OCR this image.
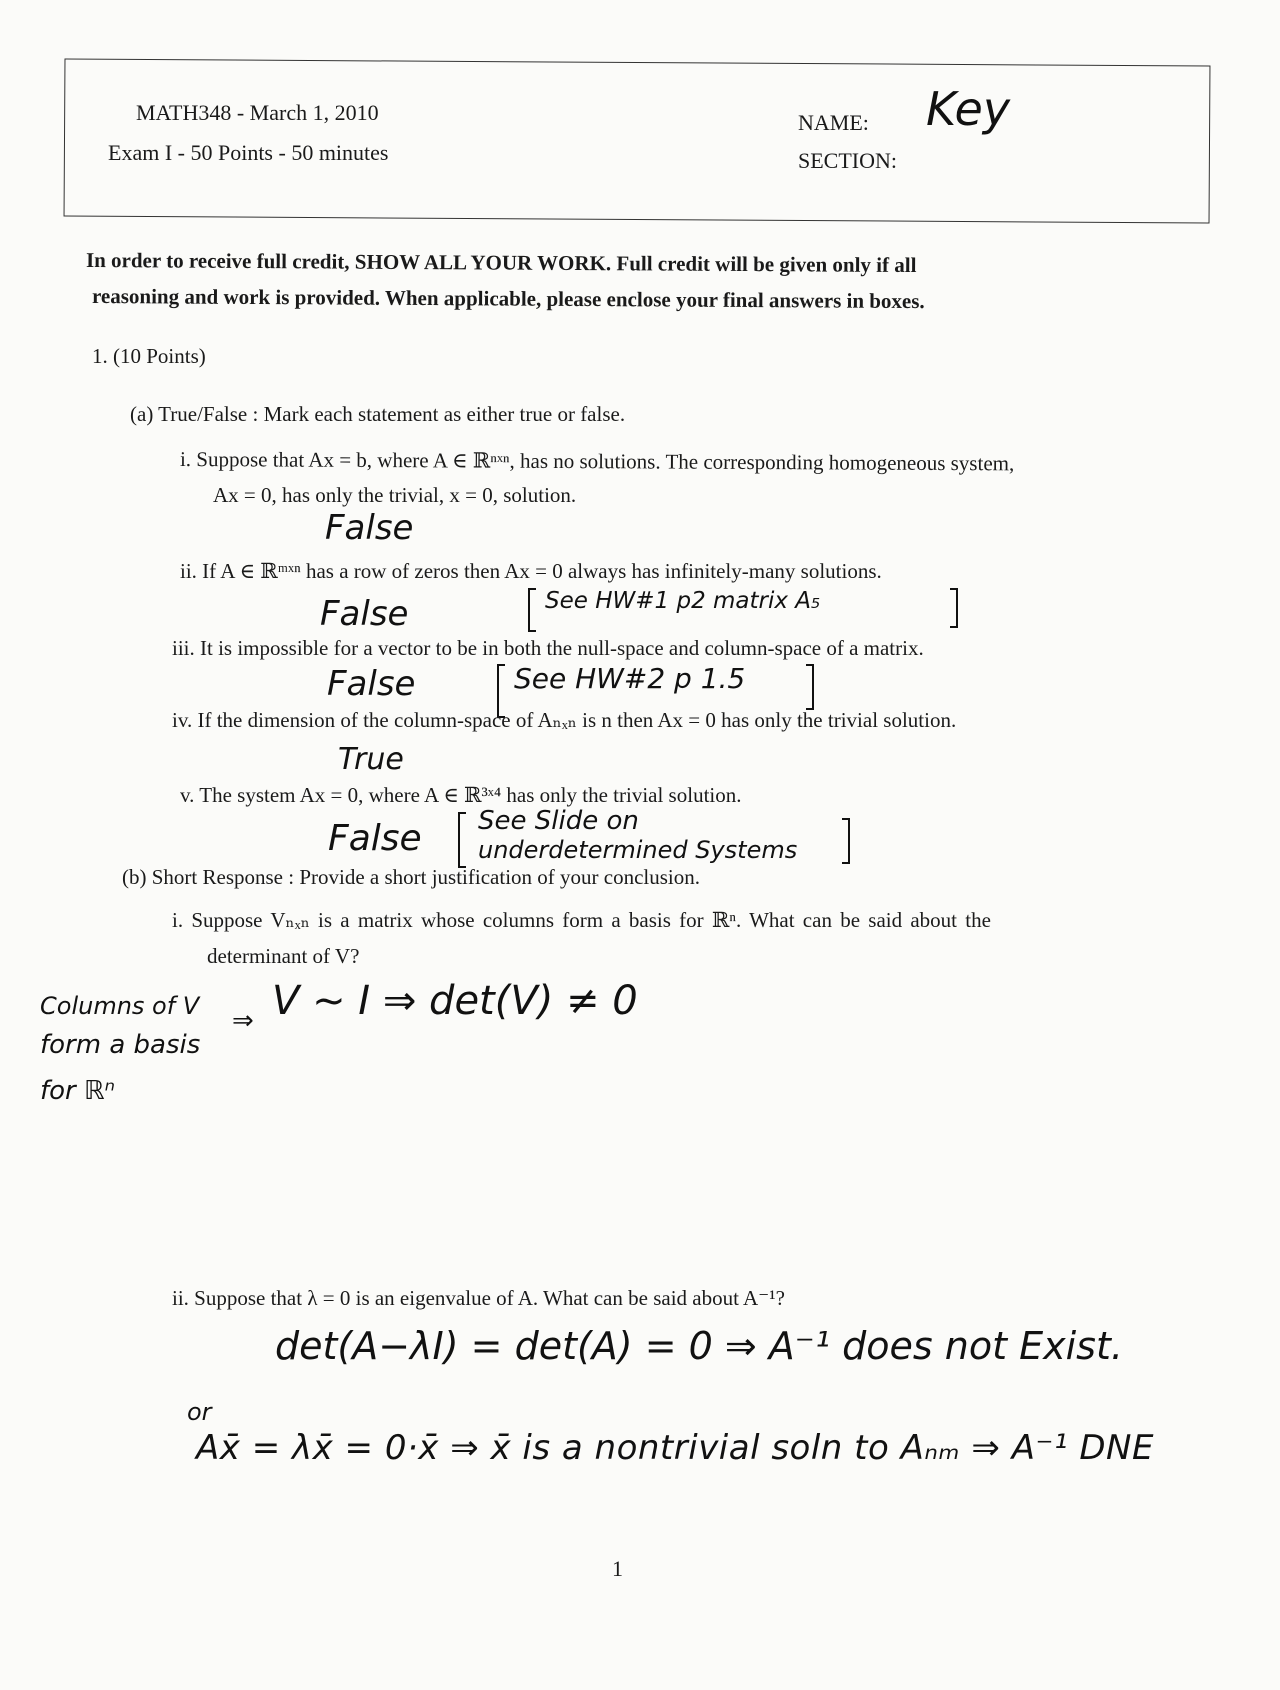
MATH348 - March 1, 2010
Exam I - 50 Points - 50 minutes
NAME:
SECTION:
Key
In order to receive full credit, SHOW ALL YOUR WORK. Full credit will be given only if all
reasoning and work is provided. When applicable, please enclose your final answers in boxes.
1. (10 Points)
(a) True/False : Mark each statement as either true or false.
i. Suppose that Ax = b, where A ∈ ℝⁿˣⁿ, has no solutions. The corresponding homogeneous system,
Ax = 0, has only the trivial, x = 0, solution.
False
ii. If A ∈ ℝᵐˣⁿ has a row of zeros then Ax = 0 always has infinitely-many solutions.
False	See HW#1 p2 matrix A₅
iii. It is impossible for a vector to be in both the null-space and column-space of a matrix.
False	See HW#2 p 1.5
iv. If the dimension of the column-space of Aₙₓₙ is n then Ax = 0 has only the trivial solution.
True
v. The system Ax = 0, where A ∈ ℝ³ˣ⁴ has only the trivial solution.
False See Slide on
underdetermined Systems
(b) Short Response : Provide a short justification of your conclusion.
i. Suppose Vₙₓₙ is a matrix whose columns form a basis for ℝⁿ. What can be said about the
determinant of V?
V ~ I ⇒ det(V) ≠ 0
Columns of V ⇒
form a basis
for ℝⁿ
ii. Suppose that λ = 0 is an eigenvalue of A. What can be said about A⁻¹?
det(A−λI) = det(A) = 0 ⇒ A⁻¹ does not Exist.
or
Ax̄ = λx̄ = 0·x̄ ⇒ x̄ is a nontrivial soln to Aₙₘ ⇒ A⁻¹ DNE
1
